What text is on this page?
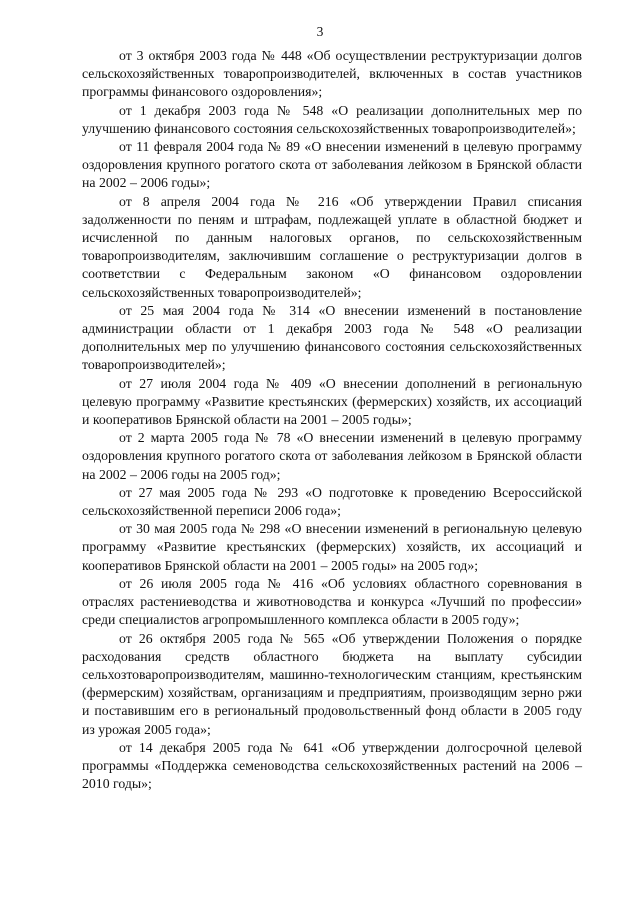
3

от 3 октября 2003 года № 448 «Об осуществлении реструктуризации долгов сельскохозяйственных товаропроизводителей, включенных в состав участников программы финансового оздоровления»;

от 1 декабря 2003 года № 548 «О реализации дополнительных мер по улучшению финансового состояния сельскохозяйственных товаропроизводителей»;

от 11 февраля 2004 года № 89 «О внесении изменений в целевую программу оздоровления крупного рогатого скота от заболевания лейкозом в Брянской области на 2002 – 2006 годы»;

от 8 апреля 2004 года № 216 «Об утверждении Правил списания задолженности по пеням и штрафам, подлежащей уплате в областной бюджет и исчисленной по данным налоговых органов, по сельскохозяйственным товаропроизводителям, заключившим соглашение о реструктуризации долгов в соответствии с Федеральным законом «О финансовом оздоровлении сельскохозяйственных товаропроизводителей»;

от 25 мая 2004 года № 314 «О внесении изменений в постановление администрации области от 1 декабря 2003 года № 548 «О реализации дополнительных мер по улучшению финансового состояния сельскохозяйственных товаропроизводителей»;

от 27 июля 2004 года № 409 «О внесении дополнений в региональную целевую программу «Развитие крестьянских (фермерских) хозяйств, их ассоциаций и кооперативов Брянской области на 2001 – 2005 годы»;

от 2 марта 2005 года № 78 «О внесении изменений в целевую программу оздоровления крупного рогатого скота от заболевания лейкозом в Брянской области на 2002 – 2006 годы на 2005 год»;

от 27 мая 2005 года № 293 «О подготовке к проведению Всероссийской сельскохозяйственной переписи 2006 года»;

от 30 мая 2005 года № 298 «О внесении изменений в региональную целевую программу «Развитие крестьянских (фермерских) хозяйств, их ассоциаций и кооперативов Брянской области на 2001 – 2005 годы» на 2005 год»;

от 26 июля 2005 года № 416 «Об условиях областного соревнования в отраслях растениеводства и животноводства и конкурса «Лучший по профессии» среди специалистов агропромышленного комплекса области в 2005 году»;

от 26 октября 2005 года № 565 «Об утверждении Положения о порядке расходования средств областного бюджета на выплату субсидии сельхозтоваропроизводителям, машинно-технологическим станциям, крестьянским (фермерским) хозяйствам, организациям и предприятиям, производящим зерно ржи и поставившим его в региональный продовольственный фонд области в 2005 году из урожая 2005 года»;

от 14 декабря 2005 года № 641 «Об утверждении долгосрочной целевой программы «Поддержка семеноводства сельскохозяйственных растений на 2006 – 2010 годы»;
